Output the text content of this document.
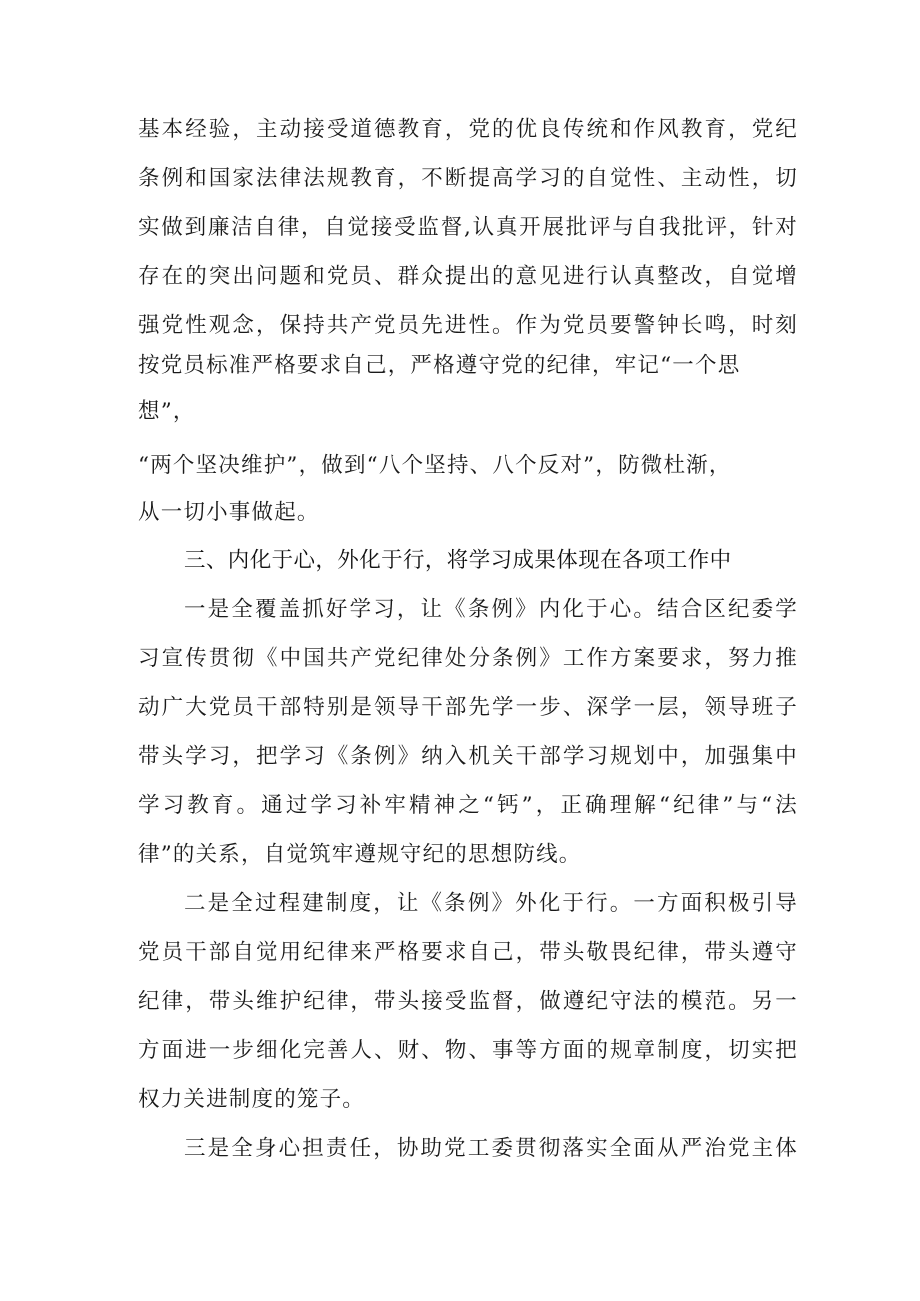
基本经验，主动接受道德教育，党的优良传统和作风教育，党纪
条例和国家法律法规教育，不断提高学习的自觉性、主动性，切
实做到廉洁自律，自觉接受监督,认真开展批评与自我批评，针对
存在的突出问题和党员、群众提出的意见进行认真整改，自觉增
强党性观念，保持共产党员先进性。作为党员要警钟长鸣，时刻
按党员标准严格要求自己，严格遵守党的纪律，牢记“一个思
想”，
“两个坚决维护”，做到“八个坚持、八个反对”，防微杜渐，
从一切小事做起。
三、内化于心，外化于行，将学习成果体现在各项工作中
一是全覆盖抓好学习，让《条例》内化于心。结合区纪委学
习宣传贯彻《中国共产党纪律处分条例》工作方案要求，努力推
动广大党员干部特别是领导干部先学一步、深学一层，领导班子
带头学习，把学习《条例》纳入机关干部学习规划中，加强集中
学习教育。通过学习补牢精神之“钙”，正确理解“纪律”与“法
律”的关系，自觉筑牢遵规守纪的思想防线。
二是全过程建制度，让《条例》外化于行。一方面积极引导
党员干部自觉用纪律来严格要求自己，带头敬畏纪律，带头遵守
纪律，带头维护纪律，带头接受监督，做遵纪守法的模范。另一
方面进一步细化完善人、财、物、事等方面的规章制度，切实把
权力关进制度的笼子。
三是全身心担责任，协助党工委贯彻落实全面从严治党主体
